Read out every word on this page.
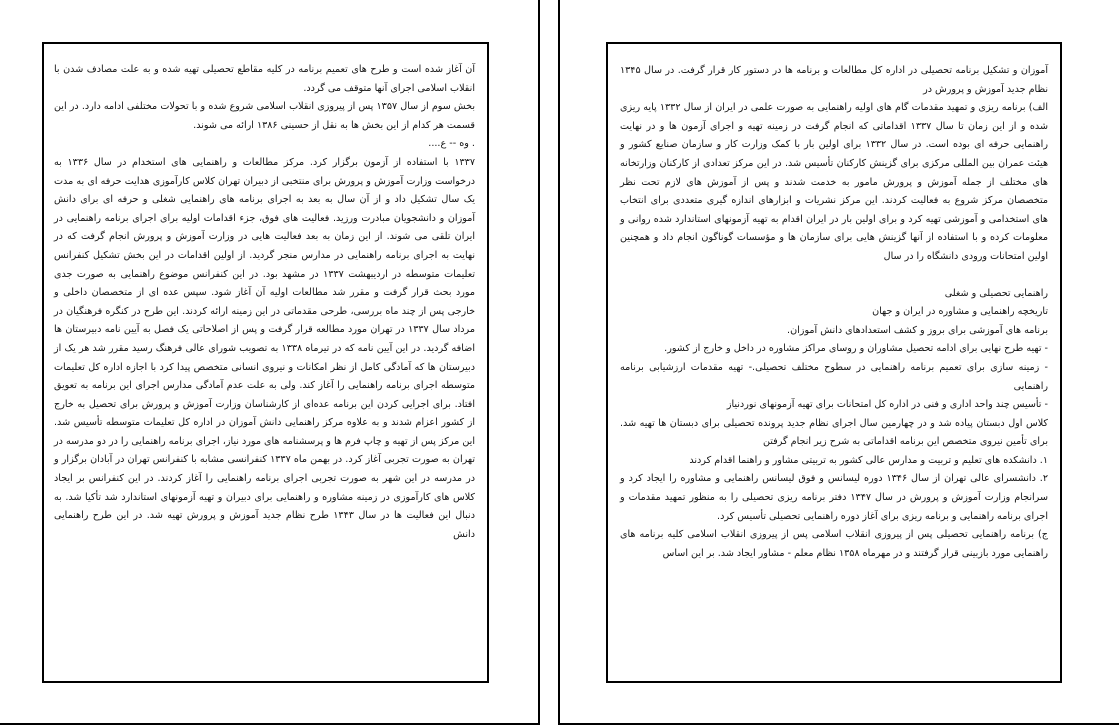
آن آغاز شده است و طرح های تعمیم برنامه در کلیه مقاطع تحصیلی تهیه شده و به علت مصادف شدن با انقلاب اسلامی اجرای آنها متوقف می گردد.

بخش سوم از سال ۱۳۵۷ پس از پیروزی انقلاب اسلامی شروع شده و با تحولات مختلفی ادامه دارد. در این قسمت هر کدام از این بخش ها به نقل از حسینی ۱۳۸۶ ارائه می شوند.

. وه -- ع....

۱۳۳۷ با استفاده از آزمون برگزار کرد. مرکز مطالعات و راهنمایی های استخدام در سال ۱۳۳۶ به درخواست وزارت آموزش و پرورش برای منتخبی از دبیران تهران کلاس کارآموزی هدایت حرفه ای به مدت یک سال تشکیل داد و از آن سال به بعد به اجرای برنامه های راهنمایی شغلی و حرفه ای برای دانش آموزان و دانشجویان مبادرت ورزید. فعالیت های فوق، جزء اقدامات اولیه برای اجرای برنامه راهنمایی در ایران تلقی می شوند. از این زمان به بعد فعالیت هایی در وزارت آموزش و پرورش انجام گرفت که در نهایت به اجرای برنامه راهنمایی در مدارس منجر گردید. از اولین اقدامات در این بخش تشکیل کنفرانس تعلیمات متوسطه در اردیبهشت ۱۳۳۷ در مشهد بود. در این کنفرانس موضوع راهنمایی به صورت جدی مورد بحث قرار گرفت و مقرر شد مطالعات اولیه آن آغاز شود. سپس عده ای از متخصصان داخلی و خارجی پس از چند ماه بررسی، طرحی مقدماتی در این زمینه ارائه کردند. این طرح در کنگره فرهنگیان در مرداد سال ۱۳۳۷ در تهران مورد مطالعه قرار گرفت و پس از اصلاحاتی یک فصل به آیین نامه دبیرستان ها اضافه گردید. در این آیین نامه که در تیرماه ۱۳۳۸ به تصویب شورای عالی فرهنگ رسید مقرر شد هر یک از دبیرستان ها که آمادگی کامل از نظر امکانات و نیروی انسانی متخصص پیدا کرد با اجازه اداره کل تعلیمات متوسطه اجرای برنامه راهنمایی را آغاز کند. ولی به علت عدم آمادگی مدارس اجرای این برنامه به تعویق افتاد. برای اجرایی کردن این برنامه عده‌ای از کارشناسان وزارت آموزش و پرورش برای تحصیل به خارج از کشور اعزام شدند و به علاوه مرکز راهنمایی دانش آموزان در اداره کل تعلیمات متوسطه تأسیس شد. این مرکز پس از تهیه و چاپ فرم ها و پرسشنامه های مورد نیاز، اجرای برنامه راهنمایی را در دو مدرسه در تهران به صورت تجربی آغاز کرد. در بهمن ماه ۱۳۳۷ کنفرانسی مشابه با کنفرانس تهران در آبادان برگزار و در مدرسه در این شهر به صورت تجربی اجرای برنامه راهنمایی را آغاز کردند. در این کنفرانس بر ایجاد کلاس های کارآموزی در زمینه مشاوره و راهنمایی برای دبیران و تهیه آزمونهای استاندارد شد تأکیا شد. به دنبال این فعالیت ها در سال ۱۳۴۳ طرح نظام جدید آموزش و پرورش تهیه شد. در این طرح راهنمایی دانش

آموزان و تشکیل برنامه تحصیلی در اداره کل مطالعات و برنامه ها در دستور کار قرار گرفت. در سال ۱۳۴۵ نظام جدید آموزش و پرورش در

الف) برنامه ریزی و تمهید مقدمات گام های اولیه راهنمایی به صورت علمی در ایران از سال ۱۳۳۲ پایه ریزی شده و از این زمان تا سال ۱۳۳۷ اقداماتی که انجام گرفت در زمینه تهیه و اجرای آزمون ها و در نهایت راهنمایی حرفه ای بوده است. در سال ۱۳۳۲ برای اولین بار با کمک وزارت کار و سازمان صنایع کشور و هیئت عمران بین المللی مرکزی برای گزینش کارکنان تأسیس شد. در این مرکز تعدادی از کارکنان وزارتخانه های مختلف از جمله آموزش و پرورش مامور به خدمت شدند و پس از آموزش های لازم تحت نظر متخصصان مرکز شروع به فعالیت کردند. این مرکز نشریات و ابزارهای اندازه گیری متعددی برای انتخاب های استخدامی و آموزشی تهیه کرد و برای اولین بار در ایران اقدام به تهیه آزمونهای استاندارد شده روانی و معلومات کرده و با استفاده از آنها گزینش هایی برای سازمان ها و مؤسسات گوناگون انجام داد و همچنین اولین امتحانات ورودی دانشگاه را در سال

راهنمایی تحصیلی و شغلی

تاریخچه راهنمایی و مشاوره در ایران و جهان

برنامه های آموزشی برای بروز و کشف استعدادهای دانش آموزان.

- تهیه طرح نهایی برای ادامه تحصیل مشاوران و روسای مراکز مشاوره در داخل و خارج از کشور.

- زمینه سازی برای تعمیم برنامه راهنمایی در سطوح مختلف تحصیلی.- تهیه مقدمات ارزشیابی برنامه راهنمایی

- تأسیس چند واحد اداری و فنی در اداره کل امتحانات برای تهیه آزمونهای نوردنیاز

کلاس اول دبستان پیاده شد و در چهارمین سال اجرای نظام جدید پرونده تحصیلی برای دبستان ها تهیه شد. برای تأمین نیروی متخصص این برنامه اقداماتی به شرح زیر انجام گرفتن

۱. دانشکده های تعلیم و تربیت و مدارس عالی کشور به تربیتی مشاور و راهنما اقدام کردند

۲. دانشسرای عالی تهران از سال ۱۳۴۶ دوره لیسانس و فوق لیسانس راهنمایی و مشاوره را ایجاد کرد و سرانجام وزارت آموزش و پرورش در سال ۱۳۴۷ دفتر برنامه ریزی تحصیلی را به منظور تمهید مقدمات و اجرای برنامه راهنمایی و برنامه ریزی برای آغاز دوره راهنمایی تحصیلی تأسیس کرد.

ج) برنامه راهنمایی تحصیلی پس از پیروزی انقلاب اسلامی پس از پیروزی انقلاب اسلامی کلیه برنامه های راهنمایی مورد بازبینی قرار گرفتند و در مهرماه ۱۳۵۸ نظام معلم - مشاور ایجاد شد. بر این اساس
